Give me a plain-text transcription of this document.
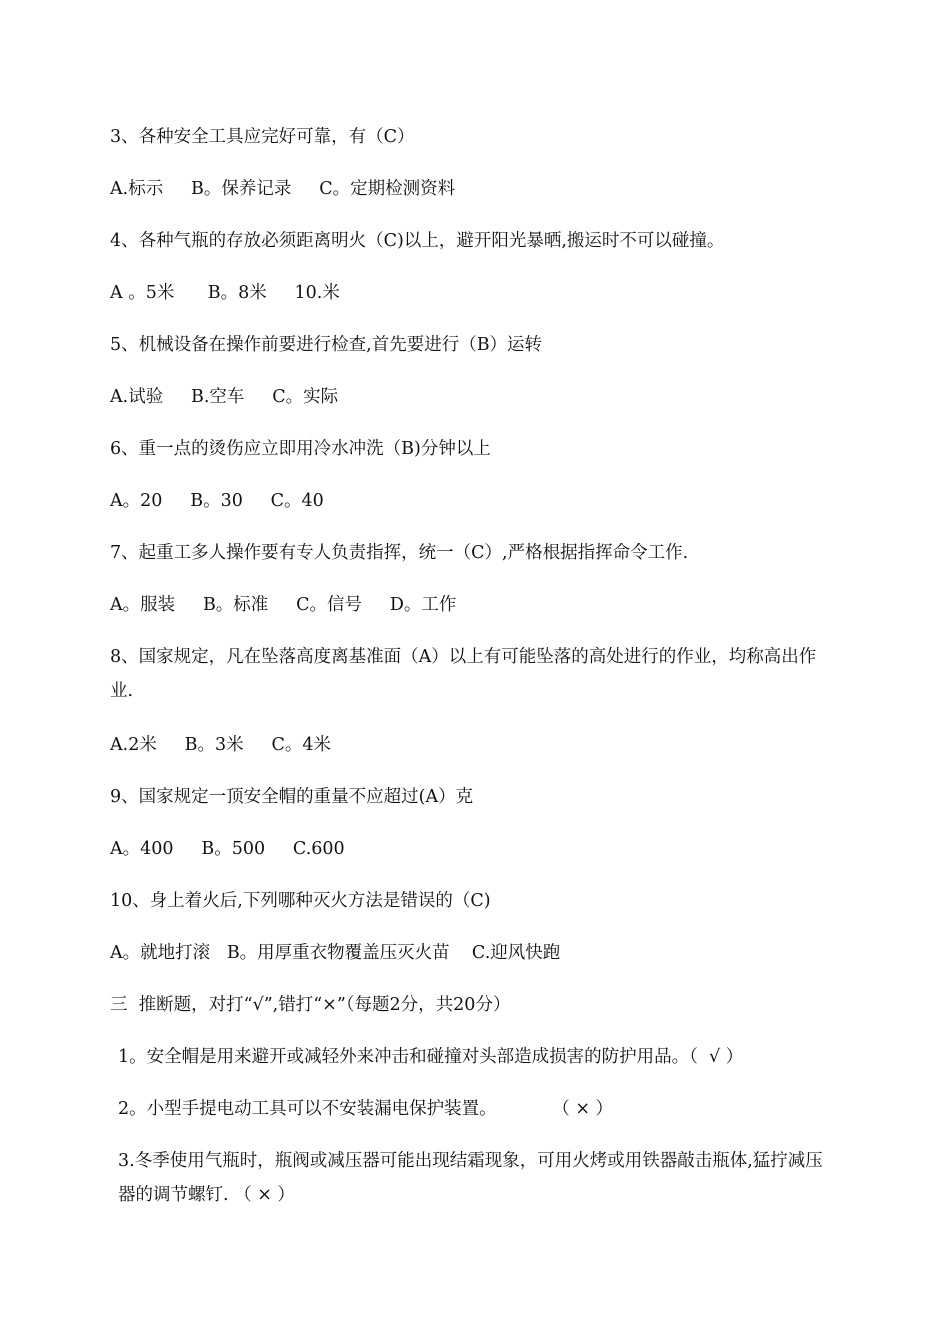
3、各种安全工具应完好可靠，有（C）
A.标示     B。保养记录     C。定期检测资料
4、各种气瓶的存放必须距离明火（C)以上，避开阳光暴晒,搬运时不可以碰撞。
A 。5米      B。8米     10.米
5、机械设备在操作前要进行检查,首先要进行（B）运转
A.试验     B.空车     C。实际
6、重一点的烫伤应立即用冷水冲洗（B)分钟以上
A。20     B。30     C。40
7、起重工多人操作要有专人负责指挥，统一（C）,严格根据指挥命令工作.
A。服装     B。标准     C。信号     D。工作
8、国家规定，凡在坠落高度离基准面（A）以上有可能坠落的高处进行的作业，均称高出作业.
A.2米     B。3米     C。4米
9、国家规定一顶安全帽的重量不应超过(A）克
A。400     B。500     C.600
10、身上着火后,下列哪种灭火方法是错误的（C)
A。就地打滚   B。用厚重衣物覆盖压灭火苗    C.迎风快跑
三  推断题，对打“√”,错打“×”（每题2分，共20分）
1。安全帽是用来避开或减轻外来冲击和碰撞对头部造成损害的防护用品。（  √ ）
2。小型手提电动工具可以不安装漏电保护装置。          （ × ）
3.冬季使用气瓶时，瓶阀或减压器可能出现结霜现象，可用火烤或用铁器敲击瓶体,猛拧减压器的调节螺钉. （ × ）
